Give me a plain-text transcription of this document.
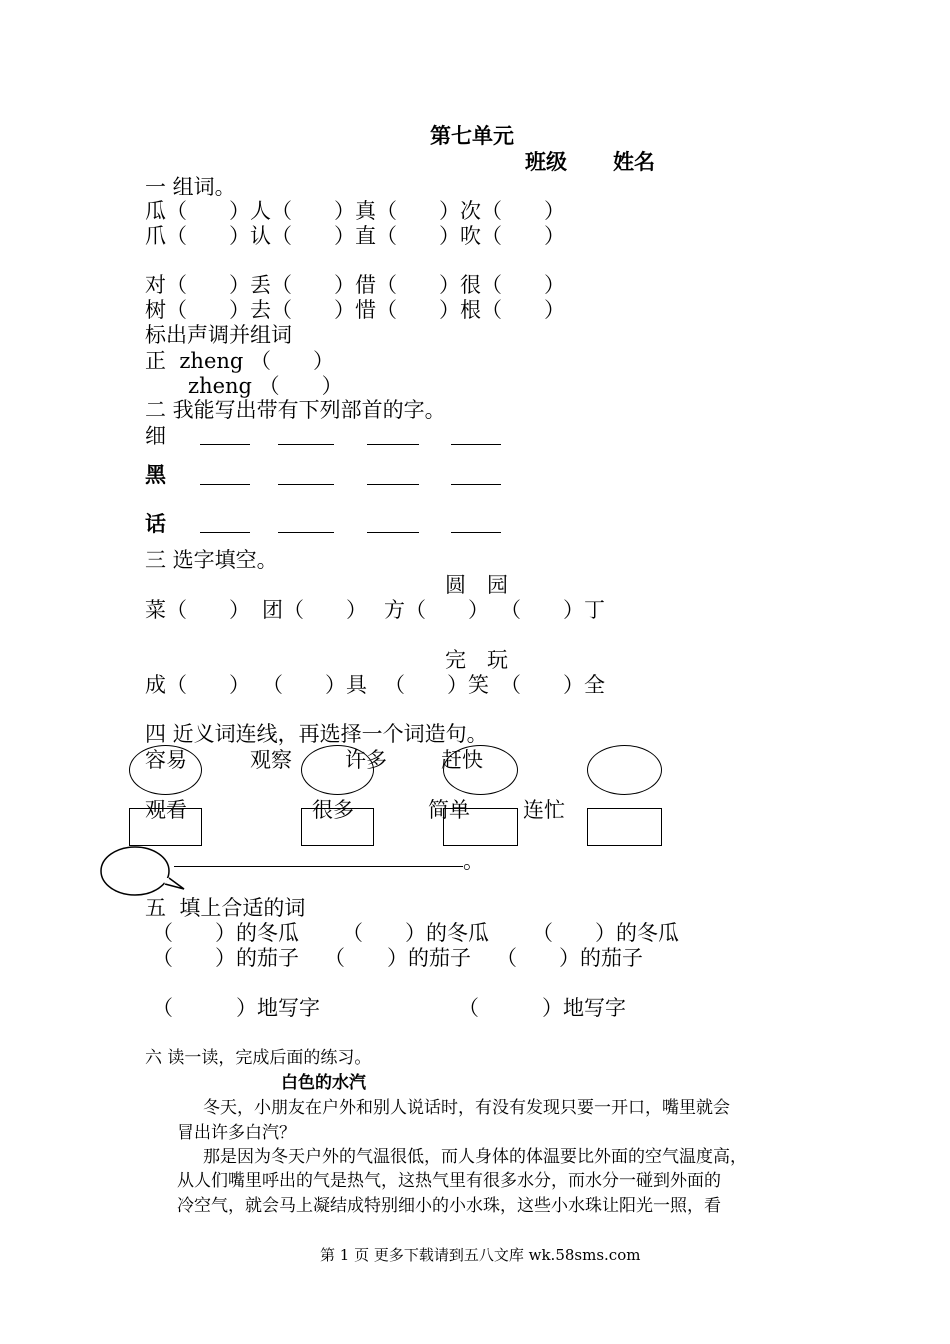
第七单元
班级 姓名
一 组词。
瓜（　　）人（　　）真（　　）次（　　）
爪（　　）认（　　）直（　　）吹（　　）
对（　　）丢（　　）借（　　）很（　　）
树（　　）去（　　）惜（　　）根（　　）
标出声调并组词
正  zheng （　　）
zheng （　　）
二 我能写出带有下列部首的字。
细
黑
话
三 选字填空。
圆　园
菜（　　） 团（　　） 方（　　） （　　）丁
完　玩
成（　　） （　　）具 （　　）笑 （　　）全
四 近义词连线，再选择一个词造句。
容易	观察	许多	赶快
观看	很多	简单	连忙
。
五  填上合适的词
（　　）的冬瓜 （　　）的冬瓜 （　　）的冬瓜
（　　）的茄子 （　　）的茄子 （　　）的茄子
（　　　）地写字	（　　　）地写字
六 读一读，完成后面的练习。
白色的水汽
冬天，小朋友在户外和别人说话时，有没有发现只要一开口，嘴里就会
冒出许多白汽？
那是因为冬天户外的气温很低，而人身体的体温要比外面的空气温度高，
从人们嘴里呼出的气是热气，这热气里有很多水分，而水分一碰到外面的
冷空气，就会马上凝结成特别细小的小水珠，这些小水珠让阳光一照，看
第 1 页 更多下载请到五八文库 wk.58sms.com
